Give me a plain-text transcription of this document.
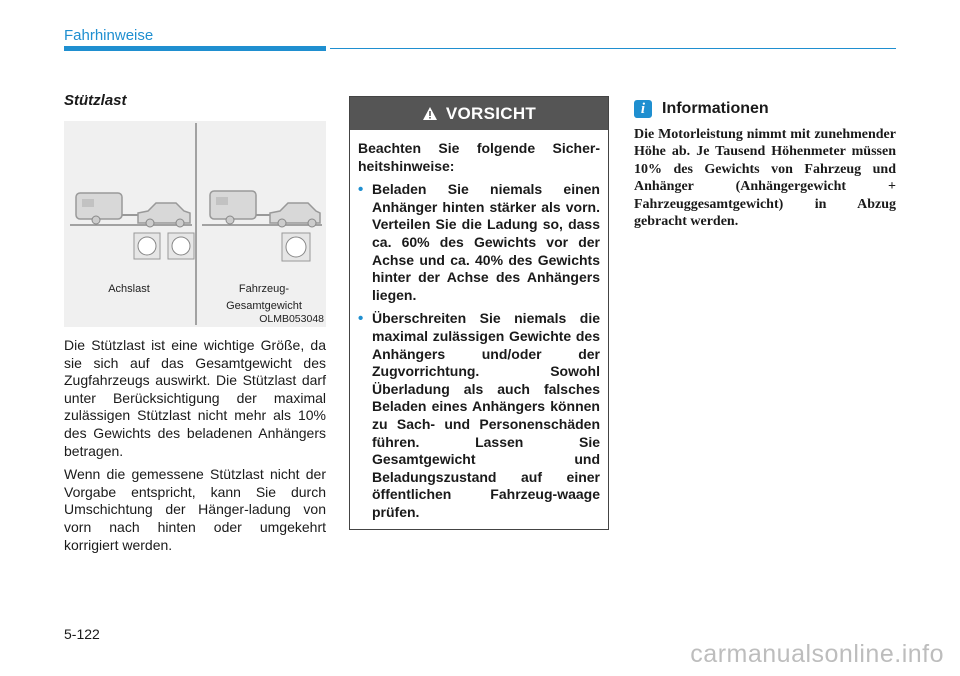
Fahrhinweise
Stützlast
Achslast	Fahrzeug-
Gesamtgewicht
OLMB053048

Die Stützlast ist eine wichtige Größe, da sie sich auf das Gesamtgewicht des Zugfahrzeugs auswirkt. Die Stützlast darf unter Berücksichtigung der maximal zulässigen Stützlast nicht mehr als 10% des Gewichts des beladenen Anhängers betragen.

Wenn die gemessene Stützlast nicht der Vorgabe entspricht, kann Sie durch Umschichtung der Hänger-ladung von vorn nach hinten oder umgekehrt korrigiert werden.

VORSICHT

Beachten Sie folgende Sicher-heitshinweise:

• Beladen Sie niemals einen Anhänger hinten stärker als vorn. Verteilen Sie die Ladung so, dass ca. 60% des Gewichts vor der Achse und ca. 40% des Gewichts hinter der Achse des Anhängers liegen.
• Überschreiten Sie niemals die maximal zulässigen Gewichte des Anhängers und/oder der Zugvorrichtung. Sowohl Überladung als auch falsches Beladen eines Anhängers können zu Sach- und Personenschäden führen. Lassen Sie Gesamtgewicht und Beladungszustand auf einer öffentlichen Fahrzeug-waage prüfen.
i	Informationen

Die Motorleistung nimmt mit zunehmender Höhe ab. Je Tausend Höhenmeter müssen 10% des Gewichts von Fahrzeug und Anhänger (Anhängergewicht + Fahrzeuggesamtgewicht) in Abzug gebracht werden.

5-122
carmanualsonline.info
